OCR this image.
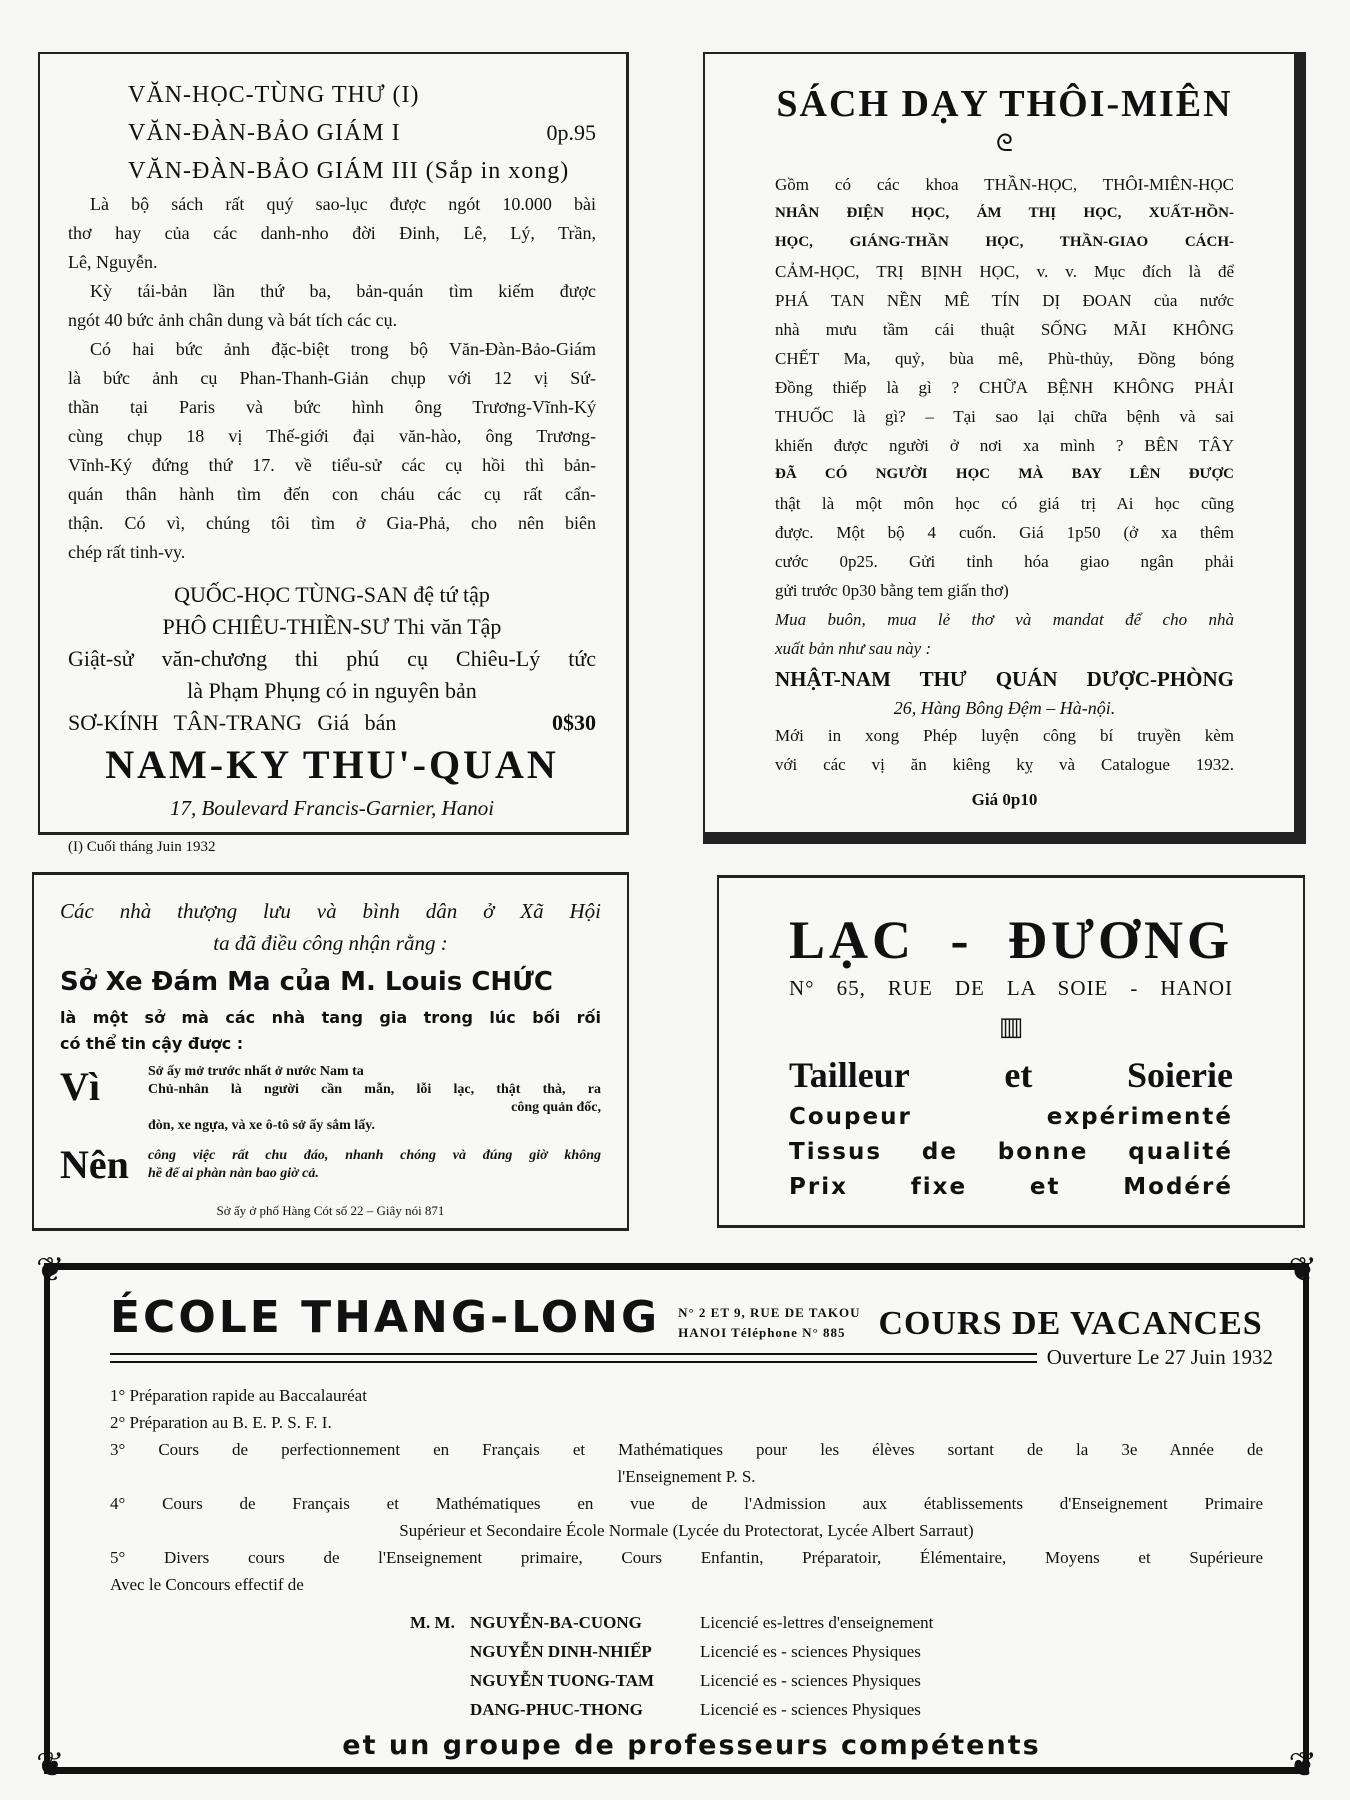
VĂN-HỌC-TÙNG THƯ (I)
VĂN-ĐÀN-BẢO GIÁM I	0p.95
VĂN-ĐÀN-BẢO GIÁM III (Sắp in xong)
Là bộ sách rất quý sao-lục được ngót 10.000 bài
thơ hay của các danh-nho đời Đinh, Lê, Lý, Trần,
Lê, Nguyễn.
Kỳ tái-bản lần thứ ba, bản-quán tìm kiếm được
ngót 40 bức ảnh chân dung và bát tích các cụ.
Có hai bức ảnh đặc-biệt trong bộ Văn-Đàn-Bảo-Giám
là bức ảnh cụ Phan-Thanh-Giản chụp với 12 vị Sứ-
thần tại Paris và bức hình ông Trương-Vĩnh-Ký
cùng chụp 18 vị Thế-giới đại văn-hào, ông Trương-
Vĩnh-Ký đứng thứ 17. về tiểu-sử các cụ hồi thì bản-
quán thân hành tìm đến con cháu các cụ rất cẩn-
thận. Có vì, chúng tôi tìm ở Gia-Phả, cho nên biên
chép rất tinh-vy.
QUỐC-HỌC TÙNG-SAN đệ tứ tập
PHÔ CHIÊU-THIỀN-SƯ Thi văn Tập
Giật-sử văn-chương thi phú cụ Chiêu-Lý tức
là Phạm Phụng có in nguyên bản
SƠ-KÍNH TÂN-TRANG Giá bán	0$30
NAM-KY THU'-QUAN
17, Boulevard Francis-Garnier, Hanoi
(I) Cuối tháng Juin 1932
SÁCH DẠY THÔI-MIÊN
ᘓ
Gồm có các khoa THẦN-HỌC, THÔI-MIÊN-HỌC
NHÂN ĐIỆN HỌC, ÁM THỊ HỌC, XUẤT-HỒN-
HỌC, GIÁNG-THẦN HỌC, THẦN-GIAO CÁCH-
CẢM-HỌC, TRỊ BỊNH HỌC, v. v. Mục đích là để
PHÁ TAN NỀN MÊ TÍN DỊ ĐOAN của nước
nhà mưu tầm cái thuật SỐNG MÃI KHÔNG
CHẾT Ma, quỷ, bùa mê, Phù-thủy, Đồng bóng
Đồng thiếp là gì ? CHỮA BỆNH KHÔNG PHẢI
THUỐC là gì? – Tại sao lại chữa bệnh và sai
khiến được người ở nơi xa mình ? BÊN TÂY
ĐÃ CÓ NGƯỜI HỌC MÀ BAY LÊN ĐƯỢC
thật là một môn học có giá trị Ai học cũng
được. Một bộ 4 cuốn. Giá 1p50 (ở xa thêm
cước 0p25. Gửi tỉnh hóa giao ngân phải
gửi trước 0p30 bằng tem giấn thơ)
Mua buôn, mua lẻ thơ và mandat để cho nhà
xuất bản như sau này :
NHẬT-NAM THƯ QUÁN DƯỢC-PHÒNG
26, Hàng Bông Đệm – Hà-nội.
Mới in xong Phép luyện công bí truyền kèm
với các vị ăn kiêng kỵ và Catalogue 1932.
Giá 0p10
Các nhà thượng lưu và bình dân ở Xã Hội
ta đã điều công nhận rằng :
Sở Xe Đám Ma của M. Louis CHỨC
là một sở mà các nhà tang gia trong lúc bối rối
có thể tin cậy được :
Vì	Sở ấy mở trước nhất ở nước Nam ta
Chủ-nhân là người cần mẫn, lỗi lạc, thật thà, ra
công quản đốc,
đòn, xe ngựa, và xe ô-tô sở ấy sắm lấy.
Nên	công việc rất chu đáo, nhanh chóng và đúng giờ không
hề để ai phàn nàn bao giờ cả.
Sở ấy ở phố Hàng Cót số 22 – Giây nói 871
LẠC - ĐƯƠNG
N° 65, RUE DE LA SOIE - HANOI
▥
Tailleur	et	Soierie
Coupeur	expérimenté
Tissus de bonne qualité
Prix	fixe	et	Modéré
❦	❦
❦	❦
ÉCOLE THANG-LONG N° 2 ET 9, RUE DE TAKOU
HANOI Téléphone N° 885 COURS DE VACANCES
Ouverture Le 27 Juin 1932
1° Préparation rapide au Baccalauréat
2° Préparation au B. E. P. S. F. I.
3° Cours de perfectionnement en Français et Mathématiques pour les élèves sortant de la 3e Année de
l'Enseignement P. S.
4° Cours de Français et Mathématiques en vue de l'Admission aux établissements d'Enseignement Primaire
Supérieur et Secondaire École Normale (Lycée du Protectorat, Lycée Albert Sarraut)
5° Divers cours de l'Enseignement primaire, Cours Enfantin, Préparatoir, Élémentaire, Moyens et Supérieure
Avec le Concours effectif de
M. M. NGUYỄN-BA-CUONG	Licencié es-lettres d'enseignement
NGUYỄN DINH-NHIẾP	Licencié es - sciences Physiques
NGUYỄN TUONG-TAM	Licencié es - sciences Physiques
DANG-PHUC-THONG	Licencié es - sciences Physiques
et un groupe de professeurs compétents
